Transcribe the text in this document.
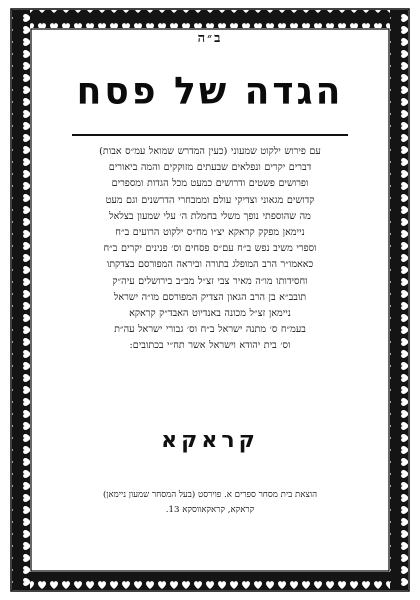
ב״ה
הגדה של פסח
עם פירוש ילקוט שמעוני (כעין המדרש שמואל עמ״ס אבות)
דברים יקרים ונפלאים שבעתים מזוקקים והמה ביאורים
ופרושים פשטים ודרושים כמעט מכל הגדות ומספרים
קדושים מגאוני וצדיקי עולם וממבחרי הדרשנים וגם מעט
מה שהוספתי נופך משלי בחמלת ה׳ עלי שמעון בצלאל
ניימאן מפקק קראקא יצ״ו מח״ס ילקוט הרועים ב״ח
וספרי משיב נפש ב״ח עם״ס פסחים וס׳ פנינים יקרים ב״ח
כאאמו״ר הרב המופלג בתורה וביראה המפורסם בצדקתו
וחסידותו מו״ה מאיר צבי זצ״ל מב״ב בירושלים עיה״ק
תובב״א בן הרב הגאון הצדיק המפורסם מו״ה ישראל
ניימאן זצ״ל מכונה באנדיוט האבד״ק קראקא
בעמ״ח ס׳ מתנה ישראל ב״ח וס׳ גבורי ישראל עה״ת
וס׳ בית יהודא וישראל אשר תח״י בכתובים:
קראקא
הוצאת בית מסחר ספרים א. פוירסט (בעל המסחר שמעון ניימאן)
קראקא, קראקאווסקא 13.
